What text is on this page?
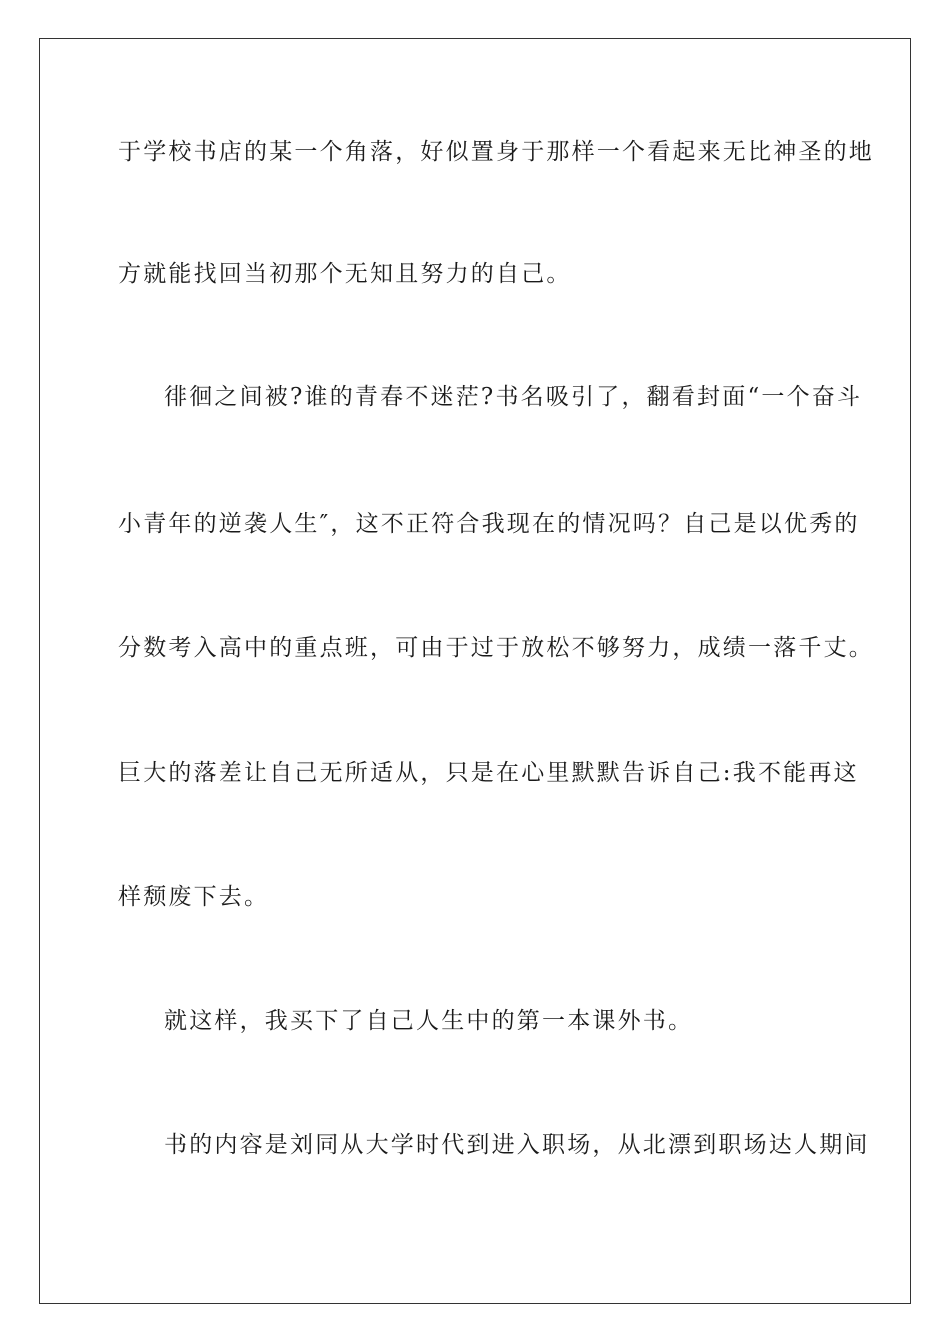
于学校书店的某一个角落，好似置身于那样一个看起来无比神圣的地
方就能找回当初那个无知且努力的自己。
徘徊之间被?谁的青春不迷茫?书名吸引了，翻看封面“一个奋斗
小青年的逆袭人生″，这不正符合我现在的情况吗？自己是以优秀的
分数考入高中的重点班，可由于过于放松不够努力，成绩一落千丈。
巨大的落差让自己无所适从，只是在心里默默告诉自己:我不能再这
样颓废下去。
就这样，我买下了自己人生中的第一本课外书。
书的内容是刘同从大学时代到进入职场，从北漂到职场达人期间
